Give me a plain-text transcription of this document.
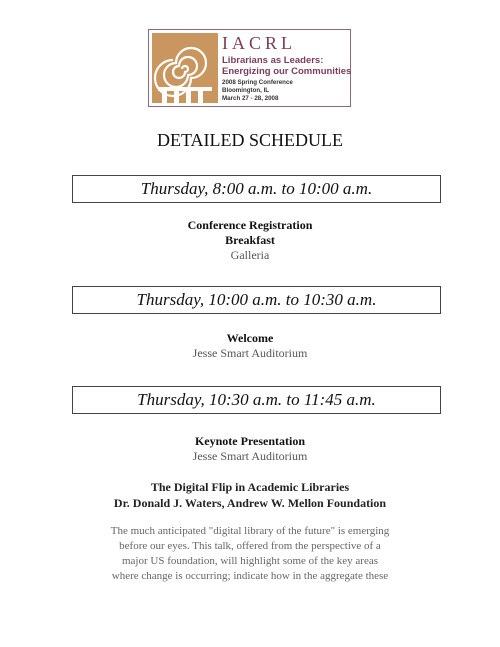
IACRL
Librarians as Leaders:
Energizing our Communities
2008 Spring Conference
Bloomington, IL
March 27 - 28, 2008
DETAILED SCHEDULE
Thursday, 8:00 a.m. to 10:00 a.m.
Conference Registration
Breakfast
Galleria
Thursday, 10:00 a.m. to 10:30 a.m.
Welcome
Jesse Smart Auditorium
Thursday, 10:30 a.m. to 11:45 a.m.
Keynote Presentation
Jesse Smart Auditorium
The Digital Flip in Academic Libraries
Dr. Donald J. Waters, Andrew W. Mellon Foundation
The much anticipated "digital library of the future" is emerging
before our eyes. This talk, offered from the perspective of a
major US foundation, will highlight some of the key areas
where change is occurring; indicate how in the aggregate these
